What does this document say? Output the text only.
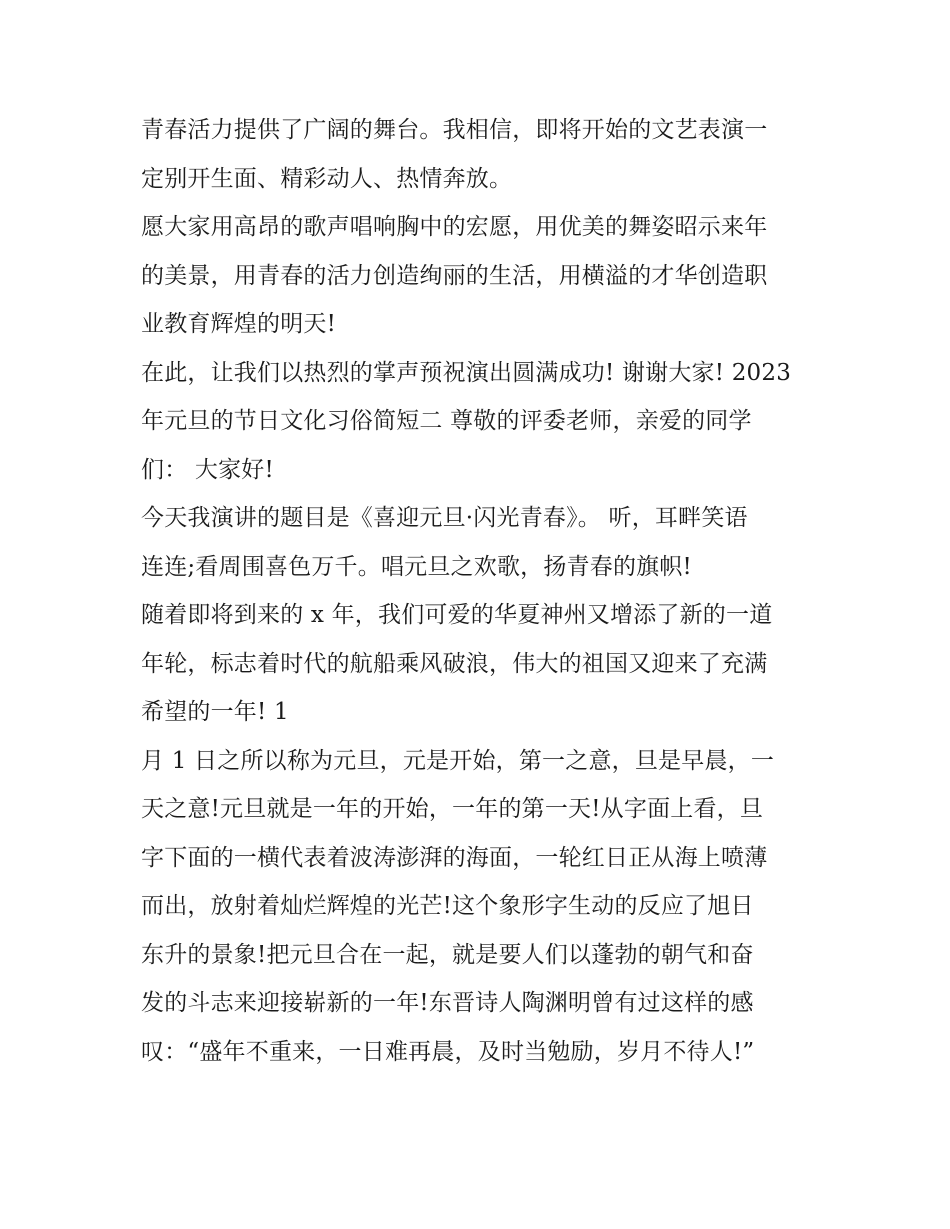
青春活力提供了广阔的舞台。我相信，即将开始的文艺表演一
定别开生面、精彩动人、热情奔放。
愿大家用高昂的歌声唱响胸中的宏愿，用优美的舞姿昭示来年
的美景，用青春的活力创造绚丽的生活，用横溢的才华创造职
业教育辉煌的明天!
在此，让我们以热烈的掌声预祝演出圆满成功! 谢谢大家! 2023
年元旦的节日文化习俗简短二 尊敬的评委老师，亲爱的同学
们： 大家好!
今天我演讲的题目是《喜迎元旦·闪光青春》。 听，耳畔笑语
连连;看周围喜色万千。唱元旦之欢歌，扬青春的旗帜!
随着即将到来的 x 年，我们可爱的华夏神州又增添了新的一道
年轮，标志着时代的航船乘风破浪，伟大的祖国又迎来了充满
希望的一年! 1
月 1 日之所以称为元旦，元是开始，第一之意，旦是早晨，一
天之意!元旦就是一年的开始，一年的第一天!从字面上看，旦
字下面的一横代表着波涛澎湃的海面，一轮红日正从海上喷薄
而出，放射着灿烂辉煌的光芒!这个象形字生动的反应了旭日
东升的景象!把元旦合在一起，就是要人们以蓬勃的朝气和奋
发的斗志来迎接崭新的一年!东晋诗人陶渊明曾有过这样的感
叹：“盛年不重来，一日难再晨，及时当勉励，岁月不待人!”
